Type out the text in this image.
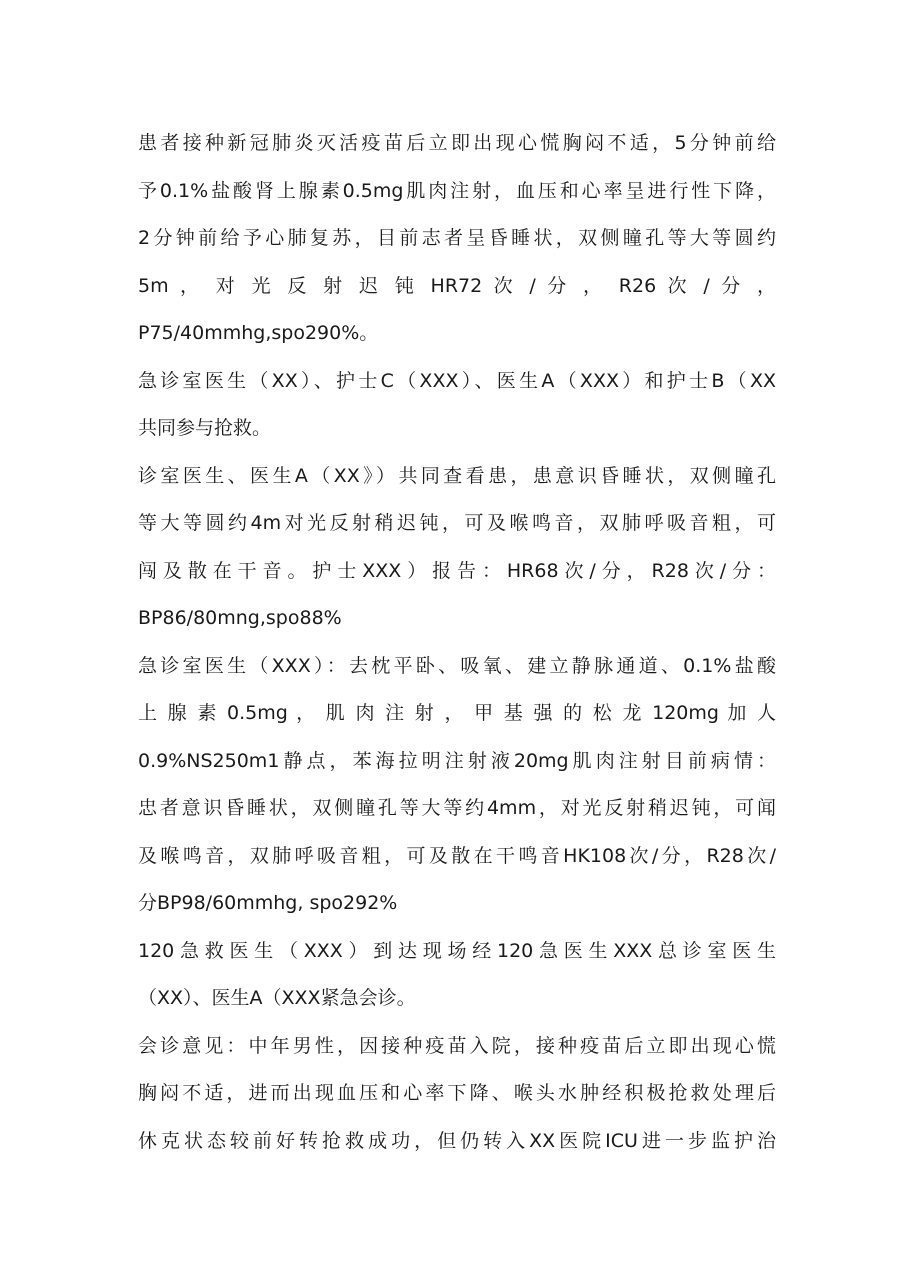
患者接种新冠肺炎灭活疫苗后立即出现心慌胸闷不适，5分钟前给
予0.1%盐酸肾上腺素0.5mg肌肉注射，血压和心率呈进行性下降，
2分钟前给予心肺复苏，目前志者呈昏睡状，双侧瞳孔等大等圆约
5m ， 对 光 反 射 迟 钝 HR72 次 / 分 ， R26 次 / 分 ，
P75/40mmhg,spo290%。
急诊室医生（XX）、护士C（XXX）、医生A（XXX）和护士B（XX
共同参与抢救。
诊室医生、医生A（XX》）共同查看患，患意识昏睡状，双侧瞳孔
等大等圆约4m对光反射稍迟钝，可及喉鸣音，双肺呼吸音粗，可
闯及散在干音。护士XXX）报告：HR68次/分，R28次/分：
BP86/80mng,spo88%
急诊室医生（XXX）：去枕平卧、吸氧、建立静脉通道、0.1%盐酸
上 腺 素 0.5mg ， 肌 肉 注 射 ， 甲 基 强 的 松 龙 120mg 加 人
0.9%NS250m1静点，苯海拉明注射液20mg肌肉注射目前病情：
忠者意识昏睡状，双侧瞳孔等大等约4mm，对光反射稍迟钝，可闻
及喉鸣音，双肺呼吸音粗，可及散在干鸣音HK108次/分，R28次/
分BP98/60mmhg, spo292%
120急救医生（XXX）到达现场经120急医生XXX总诊室医生
（XX）、医生A（XXX紧急会诊。
会诊意见：中年男性，因接种疫苗入院，接种疫苗后立即出现心慌
胸闷不适，进而出现血压和心率下降、喉头水肿经积极抢救处理后
休克状态较前好转抢救成功，但仍转入XX医院ICU进一步监护治
